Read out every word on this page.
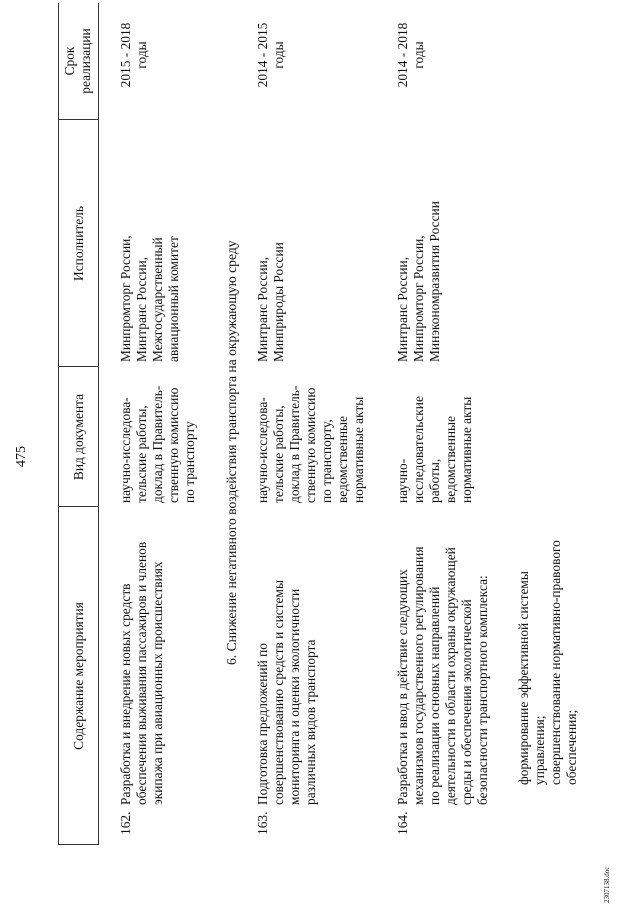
475
Содержание мероприятия
Вид документа
Исполнитель
Срок
реализации
162.
Разработка и внедрение новых средств
обеспечения выживания пассажиров и членов
экипажа при авиационных происшествиях
научно-исследова-
тельские работы,
доклад в Правитель-
ственную комиссию
по транспорту
Минпромторг России,
Минтранс России,
Межгосударственный
авиационный комитет
2015 - 2018
годы
6. Снижение негативного воздействия транспорта на окружающую среду
163.
Подготовка предложений по
совершенствованию средств и системы
мониторинга и оценки экологичности
различных видов транспорта
научно-исследова-
тельские работы,
доклад в Правитель-
ственную комиссию
по транспорту,
ведомственные
нормативные акты
Минтранс России,
Минприроды России
2014 - 2015
годы
164.
Разработка и ввод в действие следующих
механизмов государственного регулирования
по реализации основных направлений
деятельности в области охраны окружающей
среды и обеспечения экологической
безопасности транспортного комплекса:
научно-
исследовательские
работы,
ведомственные
нормативные акты
Минтранс России,
Минпромторг России,
Минэкономразвития России
2014 - 2018
годы
формирование эффективной системы
управления;
совершенствование нормативно-правового
обеспечения;
2307138.doc
